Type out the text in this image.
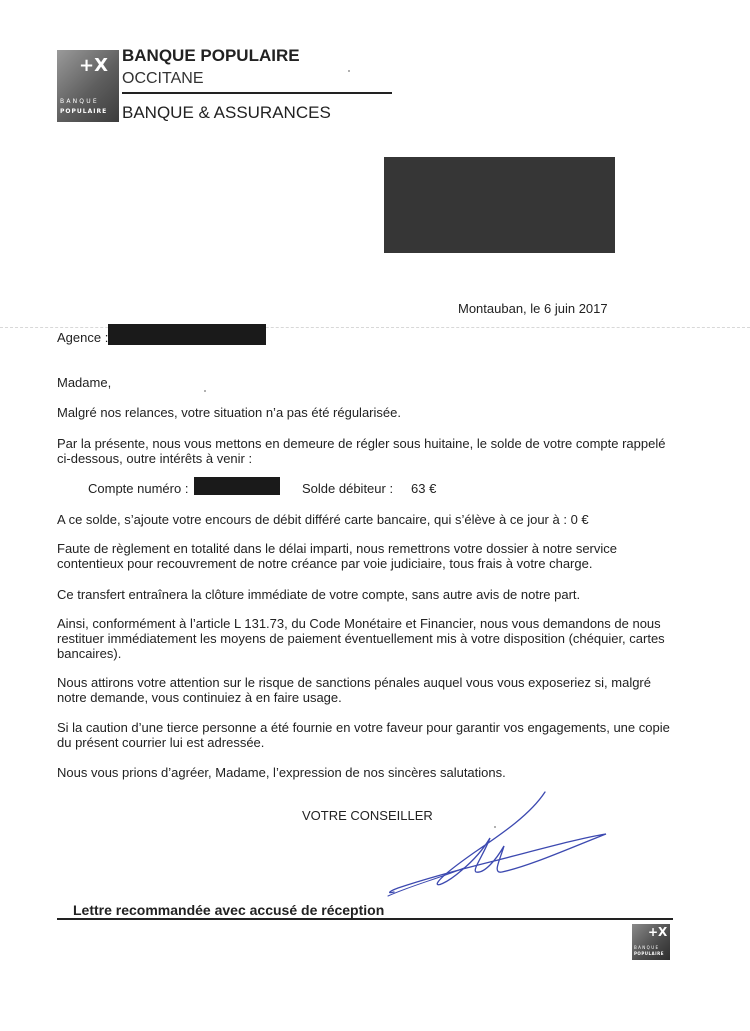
+X
BANQUE
POPULAIRE
BANQUE POPULAIRE
OCCITANE
BANQUE & ASSURANCES
Montauban, le 6 juin 2017
Agence :
Madame,
Malgré nos relances, votre situation n’a pas été régularisée.
Par la présente, nous vous mettons en demeure de régler sous huitaine, le solde de votre compte rappelé ci-dessous, outre intérêts à venir :
Compte numéro :	Solde débiteur : 63 €
A ce solde, s’ajoute votre encours de débit différé carte bancaire, qui s’élève à ce jour à : 0 €
Faute de règlement en totalité dans le délai imparti, nous remettrons votre dossier à notre service contentieux pour recouvrement de notre créance par voie judiciaire, tous frais à votre charge.
Ce transfert entraînera la clôture immédiate de votre compte, sans autre avis de notre part.
Ainsi, conformément à l’article L 131.73, du Code Monétaire et Financier, nous vous demandons de nous restituer immédiatement les moyens de paiement éventuellement mis à votre disposition (chéquier, cartes bancaires).
Nous attirons votre attention sur le risque de sanctions pénales auquel vous vous exposeriez si, malgré notre demande, vous continuiez à en faire usage.
Si la caution d’une tierce personne a été fournie en votre faveur pour garantir vos engagements, une copie du présent courrier lui est adressée.
Nous vous prions d’agréer, Madame, l’expression de nos sincères salutations.
VOTRE CONSEILLER
Lettre recommandée avec accusé de réception
+X
BANQUE
POPULAIRE
